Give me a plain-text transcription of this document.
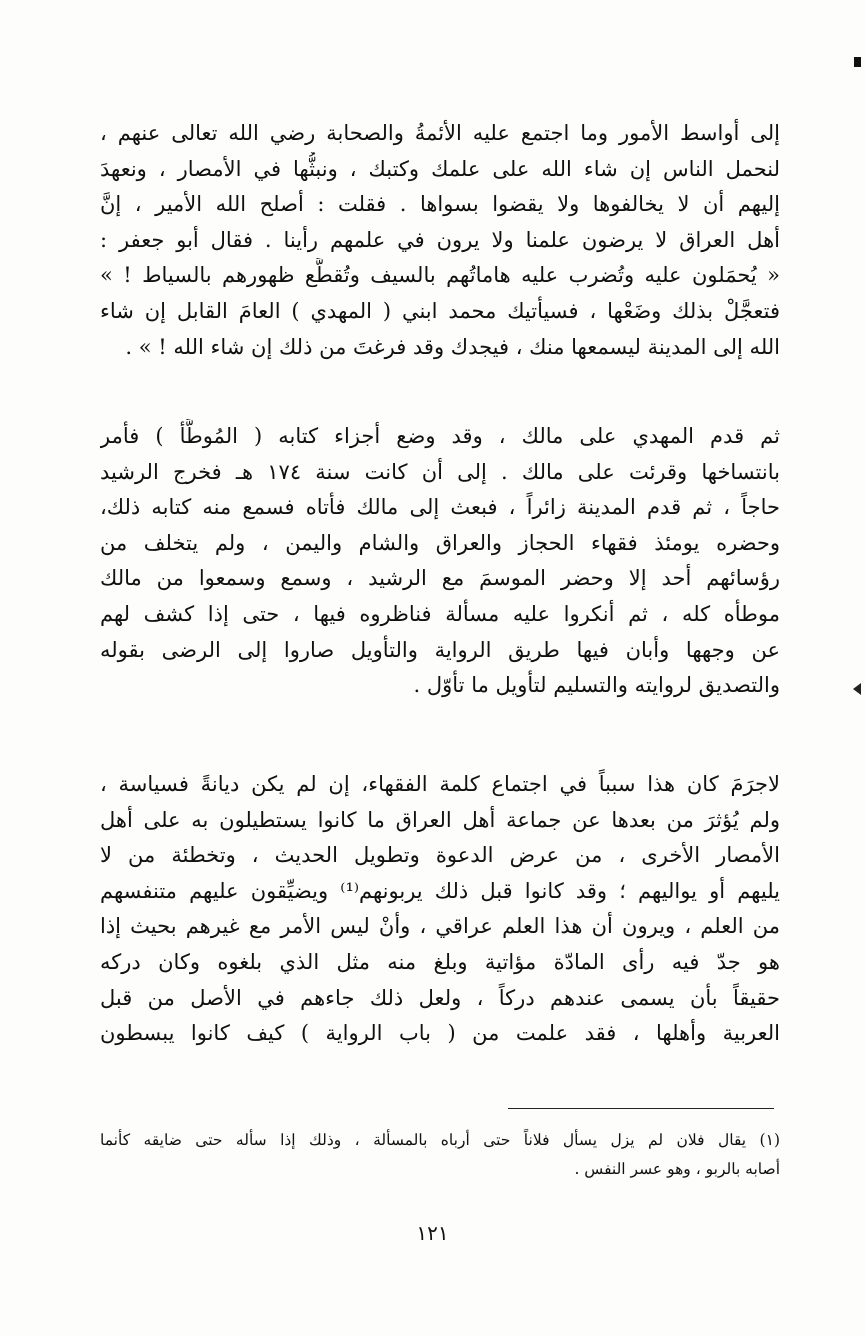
إلى أواسط الأمور وما اجتمع عليه الأئمةُ والصحابة رضي الله تعالى عنهم ،
لنحمل الناس إن شاء الله على علمك وكتبك ، ونبثُّها في الأمصار ، ونعهدَ
إليهم أن لا يخالفوها ولا يقضوا بسواها . فقلت : أصلح الله الأمير ، إنَّ
أهل العراق لا يرضون علمنا ولا يرون في علمهم رأينا . فقال أبو جعفر :
« يُحمَلون عليه وتُضرب عليه هاماتُهم بالسيف وتُقطَّع ظهورهم بالسياط ! »
فتعجَّلْ بذلك وضَعْها ، فسيأتيك محمد ابني ( المهدي ) العامَ القابل إن شاء
الله إلى المدينة ليسمعها منك ، فيجدك وقد فرغتَ من ذلك إن شاء الله ! » .
ثم قدم المهدي على مالك ، وقد وضع أجزاء كتابه ( المُوطَّأ ) فأمر
بانتساخها وقرئت على مالك . إلى أن كانت سنة ١٧٤ هـ فخرج الرشيد
حاجاً ، ثم قدم المدينة زائراً ، فبعث إلى مالك فأتاه فسمع منه كتابه ذلك،
وحضره يومئذ فقهاء الحجاز والعراق والشام واليمن ، ولم يتخلف من
رؤسائهم أحد إلا وحضر الموسمَ مع الرشيد ، وسمع وسمعوا من مالك
موطأه كله ، ثم أنكروا عليه مسألة فناظروه فيها ، حتى إذا كشف لهم
عن وجهها وأبان فيها طريق الرواية والتأويل صاروا إلى الرضى بقوله
والتصديق لروايته والتسليم لتأويل ما تأوّل .
لاجرَمَ كان هذا سبباً في اجتماع كلمة الفقهاء، إن لم يكن ديانةً فسياسة ،
ولم يُؤثرَ من بعدها عن جماعة أهل العراق ما كانوا يستطيلون به على أهل
الأمصار الأخرى ، من عرض الدعوة وتطويل الحديث ، وتخطئة من لا
يليهم أو يواليهم ؛ وقد كانوا قبل ذلك يربونهم⁽¹⁾ ويضيِّقون عليهم متنفسهم
من العلم ، ويرون أن هذا العلم عراقي ، وأنْ ليس الأمر مع غيرهم بحيث إذا
هو جدّ فيه رأى المادّة مؤاتية وبلغ منه مثل الذي بلغوه وكان دركه
حقيقاً بأن يسمى عندهم دركاً ، ولعل ذلك جاءهم في الأصل من قبل
العربية وأهلها ، فقد علمت من ( باب الرواية ) كيف كانوا يبسطون
(١) يقال فلان لم يزل يسأل فلاناً حتى أرباه بالمسألة ، وذلك إذا سأله حتى ضايقه كأنما
أصابه بالربو ، وهو عسر النفس .
١٢١
